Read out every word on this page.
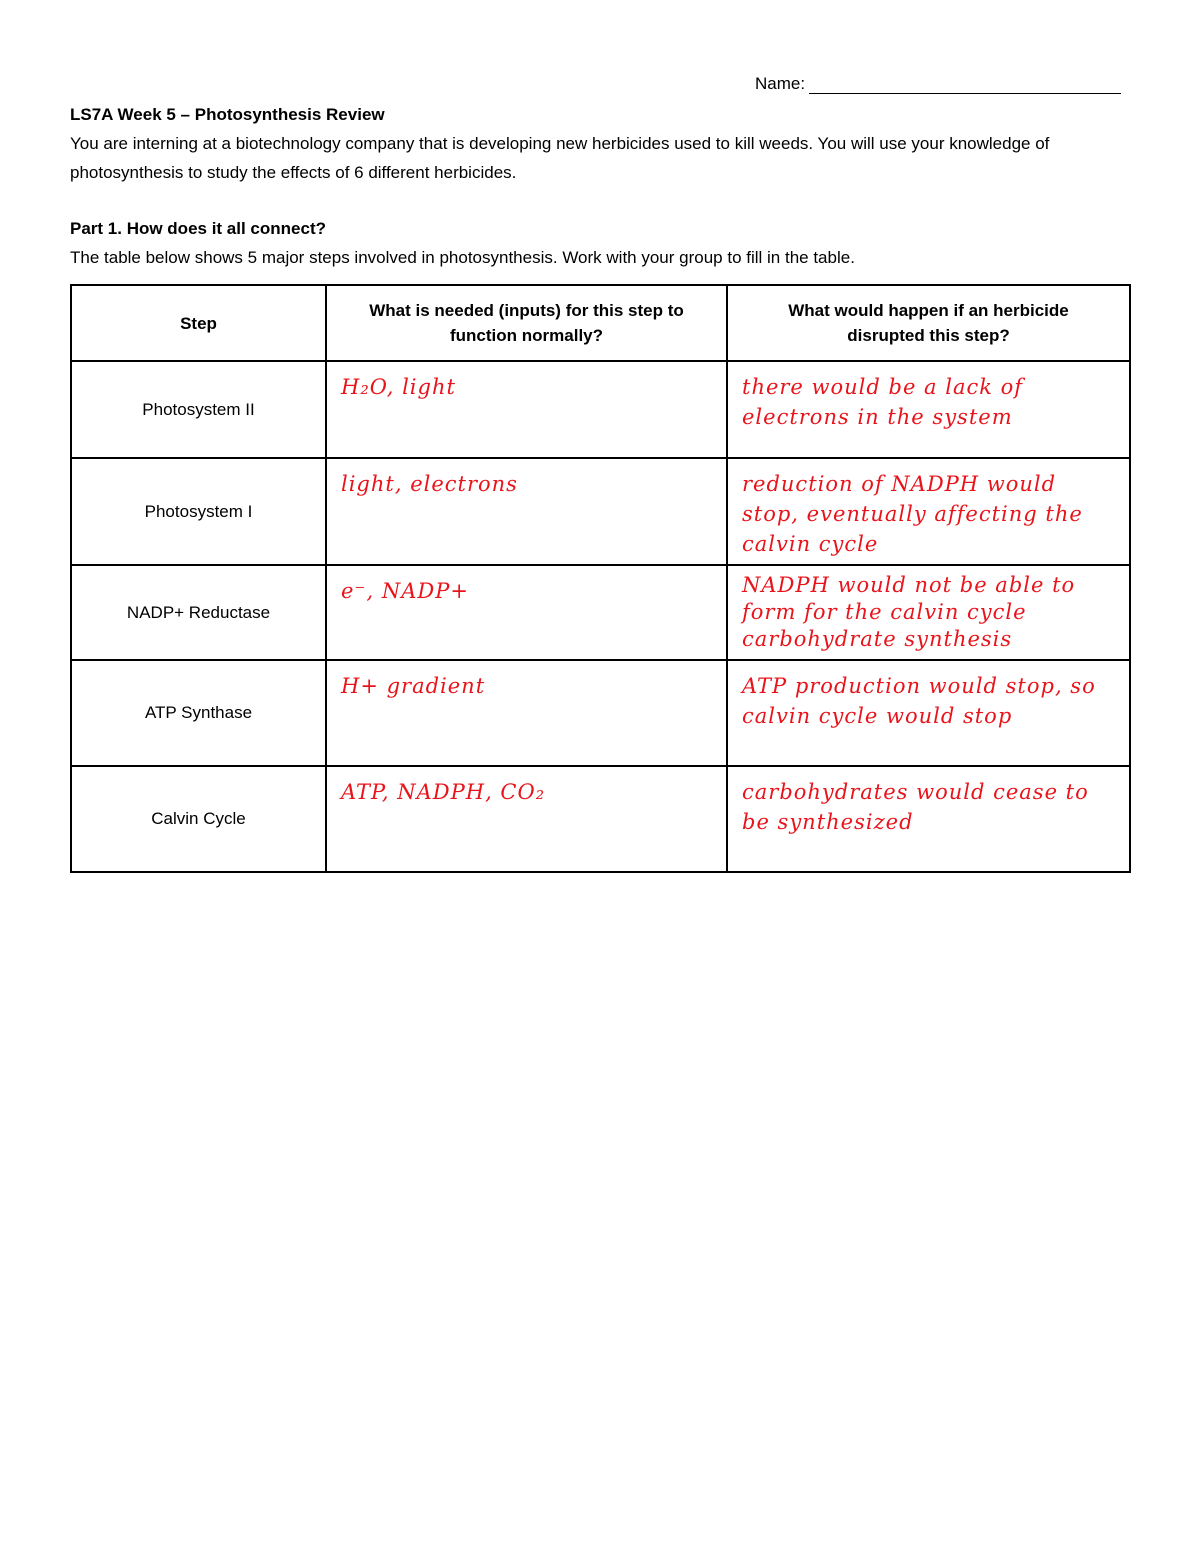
Name:
LS7A Week 5 – Photosynthesis Review
You are interning at a biotechnology company that is developing new herbicides used to kill weeds. You will use your knowledge of photosynthesis to study the effects of 6 different herbicides.
Part 1. How does it all connect?
The table below shows 5 major steps involved in photosynthesis. Work with your group to fill in the table.
Step	What is needed (inputs) for this step to function normally?	What would happen if an herbicide disrupted this step?

Photosystem II	H₂O, light	there would be a lack of electrons in the system

Photosystem I	light, electrons	reduction of NADPH would stop, eventually affecting the calvin cycle

NADP+ Reductase	e⁻, NADP+	NADPH would not be able to form for the calvin cycle carbohydrate synthesis

ATP Synthase	H+ gradient	ATP production would stop, so calvin cycle would stop

Calvin Cycle	ATP, NADPH, CO₂	carbohydrates would cease to be synthesized
